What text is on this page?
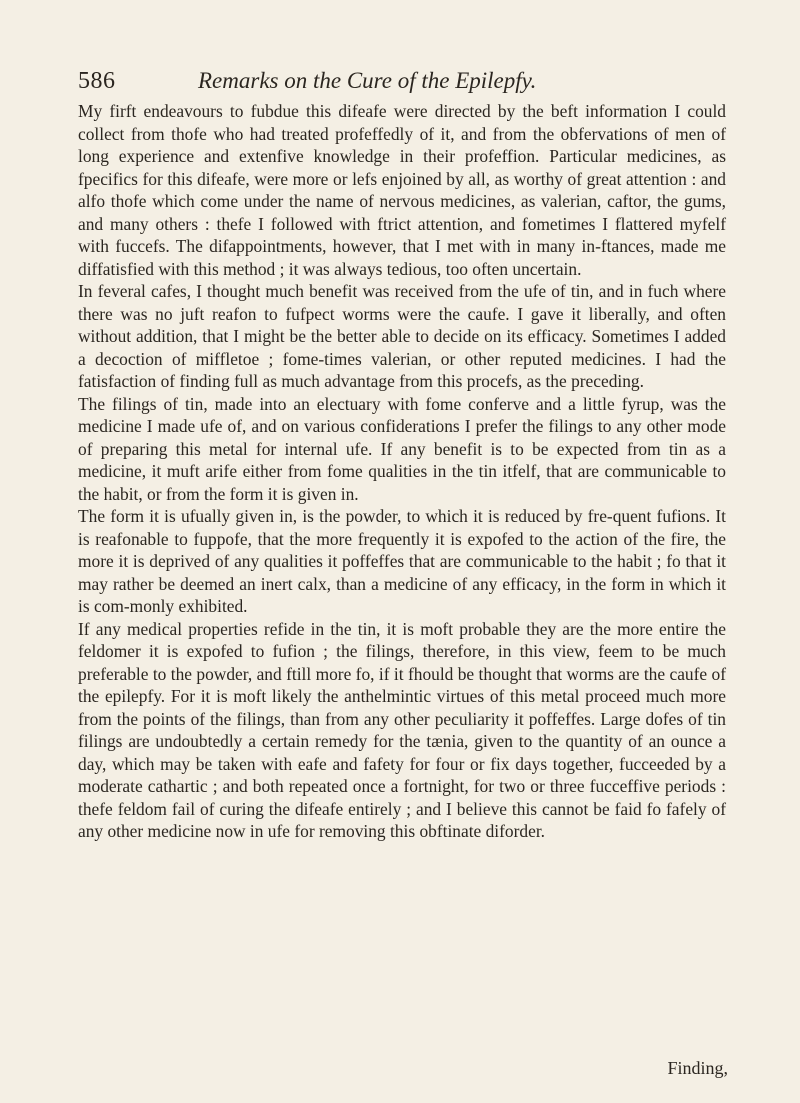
586	Remarks on the Cure of the Epilepfy.

My firft endeavours to fubdue this difeafe were directed by the beft information I could collect from thofe who had treated profeffedly of it, and from the obfervations of men of long experience and extenfive knowledge in their profeffion. Particular medicines, as fpecifics for this difeafe, were more or lefs enjoined by all, as worthy of great attention : and alfo thofe which come under the name of nervous medicines, as valerian, caftor, the gums, and many others : thefe I followed with ftrict attention, and fometimes I flattered myfelf with fuccefs. The difappointments, however, that I met with in many in-ftances, made me diffatisfied with this method ; it was always tedious, too often uncertain.

In feveral cafes, I thought much benefit was received from the ufe of tin, and in fuch where there was no juft reafon to fufpect worms were the caufe. I gave it liberally, and often without addition, that I might be the better able to decide on its efficacy. Sometimes I added a decoction of miffletoe ; fome-times valerian, or other reputed medicines. I had the fatisfaction of finding full as much advantage from this procefs, as the preceding.

The filings of tin, made into an electuary with fome conferve and a little fyrup, was the medicine I made ufe of, and on various confiderations I prefer the filings to any other mode of preparing this metal for internal ufe. If any benefit is to be expected from tin as a medicine, it muft arife either from fome qualities in the tin itfelf, that are communicable to the habit, or from the form it is given in.

The form it is ufually given in, is the powder, to which it is reduced by fre-quent fufions. It is reafonable to fuppofe, that the more frequently it is expofed to the action of the fire, the more it is deprived of any qualities it poffeffes that are communicable to the habit ; fo that it may rather be deemed an inert calx, than a medicine of any efficacy, in the form in which it is com-monly exhibited.

If any medical properties refide in the tin, it is moft probable they are the more entire the feldomer it is expofed to fufion ; the filings, therefore, in this view, feem to be much preferable to the powder, and ftill more fo, if it fhould be thought that worms are the caufe of the epilepfy. For it is moft likely the anthelmintic virtues of this metal proceed much more from the points of the filings, than from any other peculiarity it poffeffes. Large dofes of tin filings are undoubtedly a certain remedy for the tænia, given to the quantity of an ounce a day, which may be taken with eafe and fafety for four or fix days together, fucceeded by a moderate cathartic ; and both repeated once a fortnight, for two or three fucceffive periods : thefe feldom fail of curing the difeafe entirely ; and I believe this cannot be faid fo fafely of any other medicine now in ufe for removing this obftinate diforder.

Finding,
